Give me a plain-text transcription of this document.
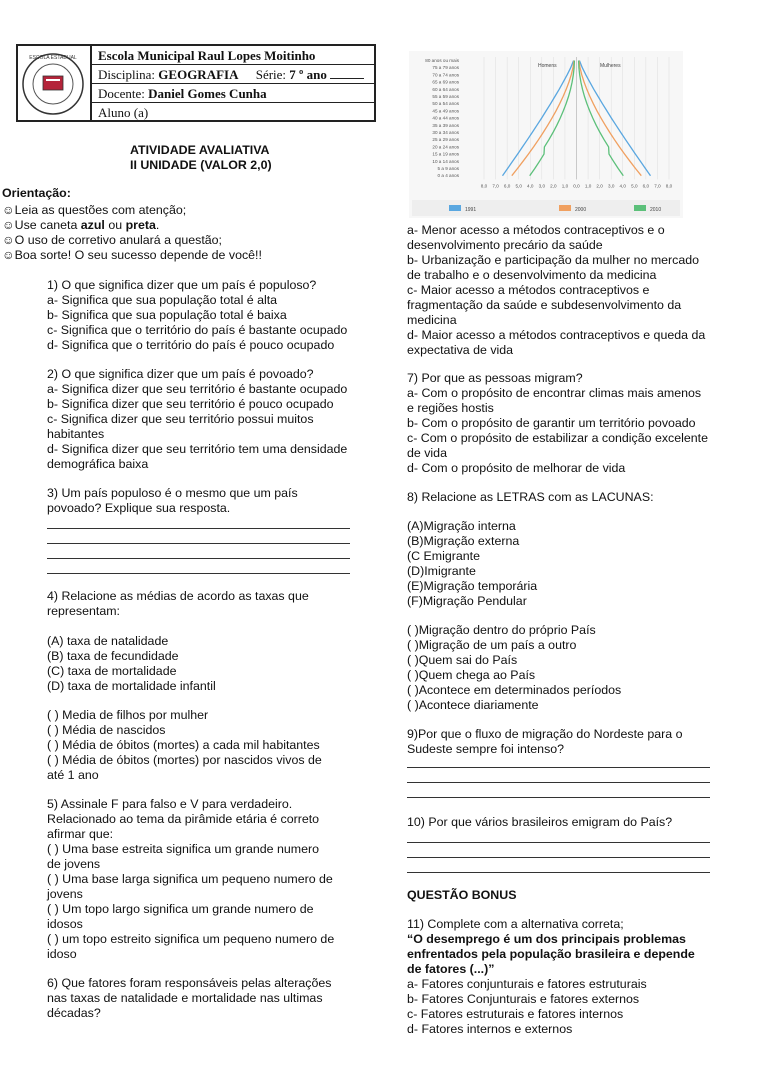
ESCOLA ESTADUAL	Escola Municipal Raul Lopes Moitinho
Disciplina: GEOGRAFIA Série: 7 º ano
Docente: Daniel Gomes Cunha
Aluno (a)
ATIVIDADE AVALIATIVA
II UNIDADE (VALOR 2,0)
Orientação:
☺Leia as questões com atenção;
☺Use caneta azul ou preta.
☺O uso de corretivo anulará a questão;
☺Boa sorte! O seu sucesso depende de você!!
1) O que significa dizer que um país é populoso?
a- Significa que sua população total é alta
b- Significa que sua população total é baixa
c- Significa que o território do país é bastante ocupado
d- Significa que o território do país é pouco ocupado
2) O que significa dizer que um país é povoado?
a- Significa dizer que seu território é bastante ocupado
b- Significa dizer que seu território é pouco ocupado
c- Significa dizer que seu território possui muitos
habitantes
d- Significa dizer que seu território tem uma densidade
demográfica baixa
3) Um país populoso é o mesmo que um país
povoado? Explique sua resposta.
4) Relacione as médias de acordo as taxas que
representam:
(A) taxa de natalidade
(B) taxa de fecundidade
(C) taxa de mortalidade
(D) taxa de mortalidade infantil
( ) Media de filhos por mulher
( ) Média de nascidos
( ) Média de óbitos (mortes) a cada mil habitantes
( ) Média de óbitos (mortes) por nascidos vivos de
até 1 ano
5) Assinale F para falso e V para verdadeiro.
Relacionado ao tema da pirâmide etária é correto
afirmar que:
( ) Uma base estreita significa um grande numero
de jovens
( ) Uma base larga significa um pequeno numero de
jovens
( ) Um topo largo significa um grande numero de
idosos
( ) um topo estreito significa um pequeno numero de
idoso
6) Que fatores foram responsáveis pelas alterações
nas taxas de natalidade e mortalidade nas ultimas
décadas?
80 anos ou mais
75 a 79 anos
70 a 74 anos
65 a 69 anos
60 a 64 anos
55 a 59 anos
50 a 54 anos
45 a 49 anos
40 a 44 anos
35 a 39 anos
30 a 34 anos
25 a 29 anos
20 a 24 anos
15 a 19 anos
10 a 14 anos
5 a 9 anos
0 a 4 anos
Homens	Mulheres
8,0 7,0 6,0 5,0 4,0 3,0 2,0 1,0 0,0 1,0 2,0 3,0 4,0 5,0 6,0 7,0 8,0
1991	2000	2010
a- Menor acesso a métodos contraceptivos e o
desenvolvimento precário da saúde
b- Urbanização e participação da mulher no mercado
de trabalho e o desenvolvimento da medicina
c- Maior acesso a métodos contraceptivos e
fragmentação da saúde e subdesenvolvimento da
medicina
d- Maior acesso a métodos contraceptivos e queda da
expectativa de vida
7) Por que as pessoas migram?
a- Com o propósito de encontrar climas mais amenos
e regiões hostis
b- Com o propósito de garantir um território povoado
c- Com o propósito de estabilizar a condição excelente
de vida
d- Com o propósito de melhorar de vida
8) Relacione as LETRAS com as LACUNAS:
(A)Migração interna
(B)Migração externa
(C Emigrante
(D)Imigrante
(E)Migração temporária
(F)Migração Pendular
( )Migração dentro do próprio País
( )Migração de um país a outro
( )Quem sai do País
( )Quem chega ao País
( )Acontece em determinados períodos
( )Acontece diariamente
9)Por que o fluxo de migração do Nordeste para o
Sudeste sempre foi intenso?
10) Por que vários brasileiros emigram do País?
QUESTÃO BONUS
11) Complete com a alternativa correta;
“O desemprego é um dos principais problemas
enfrentados pela população brasileira e depende
de fatores (...)”
a- Fatores conjunturais e fatores estruturais
b- Fatores Conjunturais e fatores externos
c- Fatores estruturais e fatores internos
d- Fatores internos e externos
